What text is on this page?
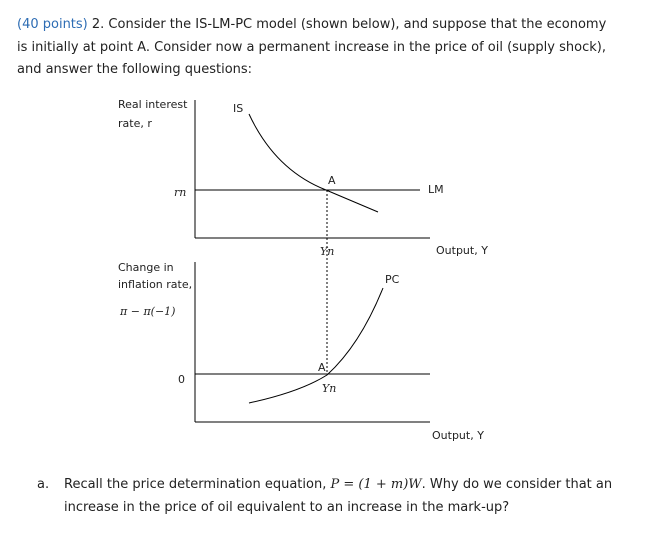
(40 points) 2. Consider the IS-LM-PC model (shown below), and suppose that the economy is initially at point A. Consider now a permanent increase in the price of oil (supply shock), and answer the following questions:
Real interest
rate, r
rn
IS
LM
A
Yn	Output, Y
Change in
inflation rate,
π − π(−1)
0
PC
A
Yn
Output, Y
a. Recall the price determination equation, P = (1 + m)W. Why do we consider that an increase in the price of oil equivalent to an increase in the mark-up?
